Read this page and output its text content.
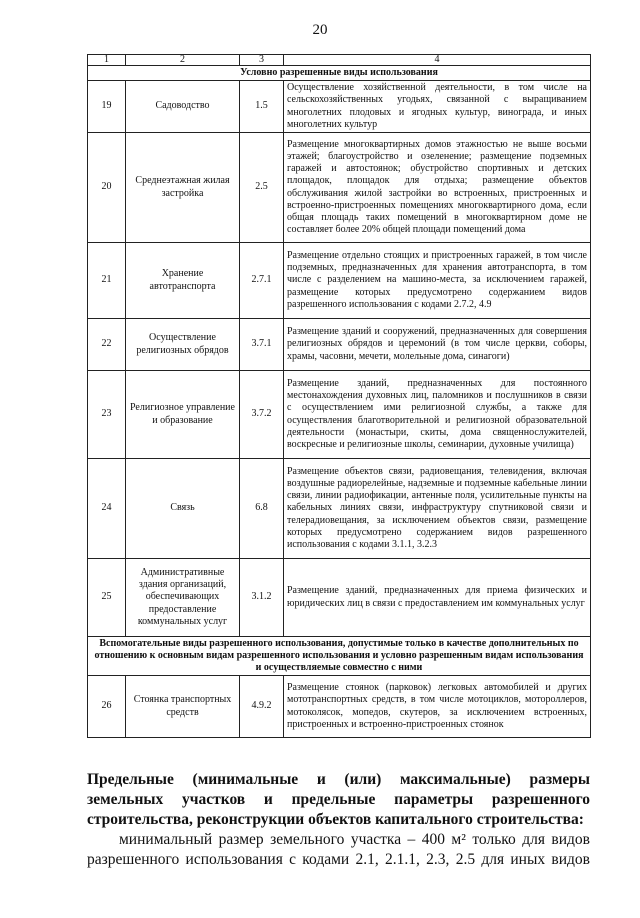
20
1	2	3	4
Условно разрешенные виды использования			
19	Садоводство	1.5	Осуществление хозяйственной деятельности, в том числе на сельскохозяйственных угодьях, связанной с выращиванием многолетних плодовых и ягодных культур, винограда, и иных многолетних культур
20	Среднеэтажная жилая застройка	2.5	Размещение многоквартирных домов этажностью не выше восьми этажей; благоустройство и озеленение; размещение подземных гаражей и автостоянок; обустройство спортивных и детских площадок, площадок для отдыха; размещение объектов обслуживания жилой застройки во встроенных, пристроенных и встроенно-пристроенных помещениях многоквартирного дома, если общая площадь таких помещений в многоквартирном доме не составляет более 20% общей площади помещений дома
21	Хранение автотранспорта	2.7.1	Размещение отдельно стоящих и пристроенных гаражей, в том числе подземных, предназначенных для хранения автотранспорта, в том числе с разделением на машино-места, за исключением гаражей, размещение которых предусмотрено содержанием видов разрешенного использования с кодами 2.7.2, 4.9
22	Осуществление религиозных обрядов	3.7.1	Размещение зданий и сооружений, предназначенных для совершения религиозных обрядов и церемоний (в том числе церкви, соборы, храмы, часовни, мечети, молельные дома, синагоги)
23	Религиозное управление и образование	3.7.2	Размещение зданий, предназначенных для постоянного местонахождения духовных лиц, паломников и послушников в связи с осуществлением ими религиозной службы, а также для осуществления благотворительной и религиозной образовательной деятельности (монастыри, скиты, дома священнослужителей, воскресные и религиозные школы, семинарии, духовные училища)
24	Связь	6.8	Размещение объектов связи, радиовещания, телевидения, включая воздушные радиорелейные, надземные и подземные кабельные линии связи, линии радиофикации, антенные поля, усилительные пункты на кабельных линиях связи, инфраструктуру спутниковой связи и телерадиовещания, за исключением объектов связи, размещение которых предусмотрено содержанием видов разрешенного использования с кодами 3.1.1, 3.2.3
25	Административные здания организаций, обеспечивающих предоставление коммунальных услуг	3.1.2	Размещение зданий, предназначенных для приема физических и юридических лиц в связи с предоставлением им коммунальных услуг
Вспомогательные виды разрешенного использования, допустимые только в качестве дополнительных по отношению к основным видам разрешенного использования и условно разрешенным видам использования и осуществляемые совместно с ними			
26	Стоянка транспортных средств	4.9.2	Размещение стоянок (парковок) легковых автомобилей и других мототранспортных средств, в том числе мотоциклов, мотороллеров, мотоколясок, мопедов, скутеров, за исключением встроенных, пристроенных и встроенно-пристроенных стоянок

Предельные (минимальные и (или) максимальные) размеры

земельных участков и предельные параметры разрешенного

строительства, реконструкции объектов капитального строительства:

минимальный размер земельного участка – 400 м² только для видов

разрешенного использования с кодами 2.1, 2.1.1, 2.3, 2.5 для иных видов
